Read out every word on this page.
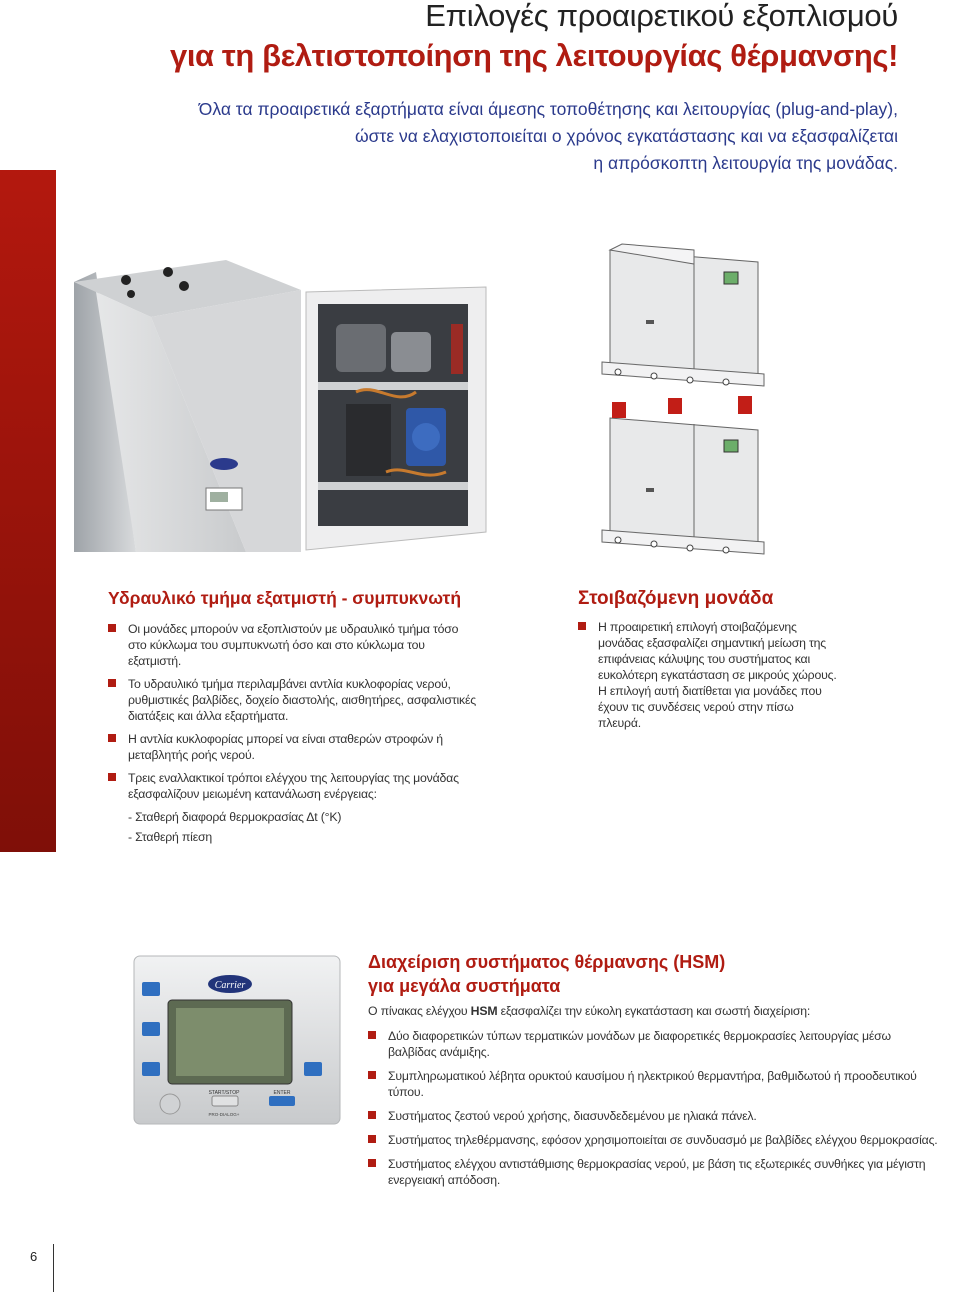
Επιλογές προαιρετικού εξοπλισμού
για τη βελτιστοποίηση της λειτουργίας θέρμανσης!
Όλα τα προαιρετικά εξαρτήματα είναι άμεσης τοποθέτησης και λειτουργίας (plug-and-play),
ώστε να ελαχιστοποιείται ο χρόνος εγκατάστασης και να εξασφαλίζεται
η απρόσκοπτη λειτουργία της μονάδας.
Υδραυλικό τμήμα εξατμιστή - συμπυκνωτή
Οι μονάδες μπορούν να εξοπλιστούν με υδραυλικό τμήμα τόσο στο κύκλωμα του συμπυκνωτή όσο και στο κύκλωμα του εξατμιστή.
Το υδραυλικό τμήμα περιλαμβάνει αντλία κυκλοφορίας νερού, ρυθμιστικές βαλβίδες, δοχείο διαστολής, αισθητήρες, ασφαλιστικές διατάξεις και άλλα εξαρτήματα.
Η αντλία κυκλοφορίας μπορεί να είναι σταθερών στροφών ή μεταβλητής ροής νερού.
Τρεις εναλλακτικοί τρόποι ελέγχου της λειτουργίας της μονάδας εξασφαλίζουν μειωμένη κατανάλωση ενέργειας:
- Σταθερή διαφορά θερμοκρασίας Δt (°K)
- Σταθερή πίεση
Στοιβαζόμενη μονάδα
Η προαιρετική επιλογή στοιβαζόμενης μονάδας εξασφαλίζει σημαντική μείωση της επιφάνειας κάλυψης του συστήματος και ευκολότερη εγκατάσταση σε μικρούς χώρους. Η επιλογή αυτή διατίθεται για μονάδες που έχουν τις συνδέσεις νερού στην πίσω πλευρά.
Carrier
START/STOP	ENTER
PRO-DIALOG+
Διαχείριση συστήματος θέρμανσης (HSM)
για μεγάλα συστήματα
Ο πίνακας ελέγχου HSM εξασφαλίζει την εύκολη εγκατάσταση και σωστή διαχείριση:
Δύο διαφορετικών τύπων τερματικών μονάδων με διαφορετικές θερμοκρασίες λειτουργίας μέσω βαλβίδας ανάμιξης.
Συμπληρωματικού λέβητα ορυκτού καυσίμου ή ηλεκτρικού θερμαντήρα, βαθμιδωτού ή προοδευτικού τύπου.
Συστήματος ζεστού νερού χρήσης, διασυνδεδεμένου με ηλιακά πάνελ.
Συστήματος τηλεθέρμανσης, εφόσον χρησιμοποιείται σε συνδυασμό με βαλβίδες ελέγχου θερμοκρασίας.
Συστήματος ελέγχου αντιστάθμισης θερμοκρασίας νερού, με βάση τις εξωτερικές συνθήκες για μέγιστη ενεργειακή απόδοση.
6
